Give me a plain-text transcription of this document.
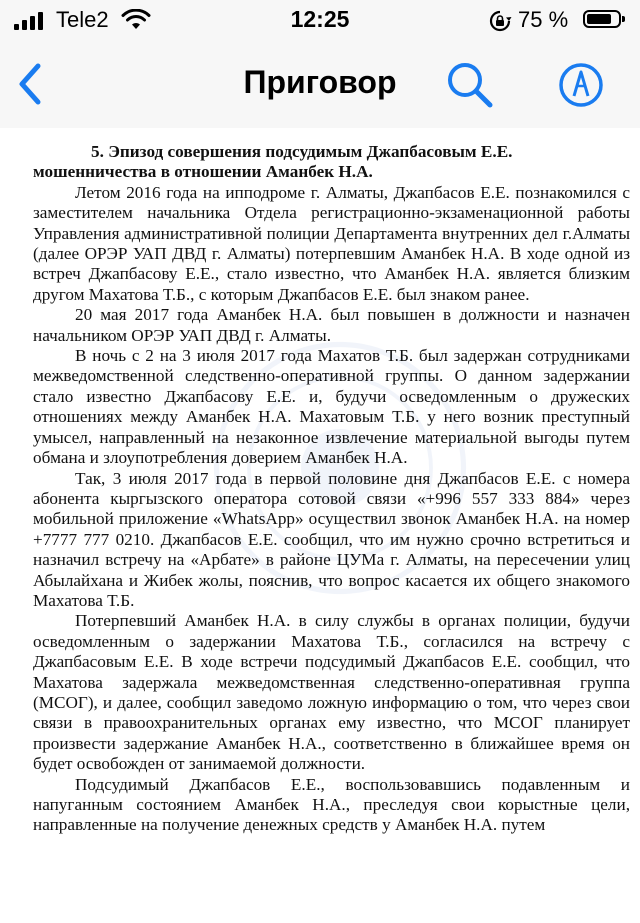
Tele2	12:25	75 %
Приговор

5. Эпизод совершения подсудимым Джапбасовым Е.Е.
мошенничества в отношении Аманбек Н.А.

Летом 2016 года на ипподроме г. Алматы, Джапбасов Е.Е. познакомился с заместителем начальника Отдела регистрационно-экзаменационной работы Управления административной полиции Департамента внутренних дел г.Алматы (далее ОРЭР УАП ДВД г. Алматы) потерпевшим Аманбек Н.А. В ходе одной из встреч Джапбасову Е.Е., стало известно, что Аманбек Н.А. является близким другом Махатова Т.Б., с которым Джапбасов Е.Е. был знаком ранее.

20 мая 2017 года Аманбек Н.А. был повышен в должности и назначен начальником ОРЭР УАП ДВД г. Алматы.

В ночь с 2 на 3 июля 2017 года Махатов Т.Б. был задержан сотрудниками межведомственной следственно-оперативной группы. О данном задержании стало известно Джапбасову Е.Е. и, будучи осведомленным о дружеских отношениях между Аманбек Н.А. Махатовым Т.Б. у него возник преступный умысел, направленный на незаконное извлечение материальной выгоды путем обмана и злоупотребления доверием Аманбек Н.А.

Так, 3 июля 2017 года в первой половине дня Джапбасов Е.Е. с номера абонента кыргызского оператора сотовой связи «+996 557 333 884» через мобильной приложение «WhatsApp» осуществил звонок Аманбек Н.А. на номер +7777 777 0210. Джапбасов Е.Е. сообщил, что им нужно срочно встретиться и назначил встречу на «Арбате» в районе ЦУМа г. Алматы, на пересечении улиц Абылайхана и Жибек жолы, пояснив, что вопрос касается их общего знакомого Махатова Т.Б.

Потерпевший Аманбек Н.А. в силу службы в органах полиции, будучи осведомленным о задержании Махатова Т.Б., согласился на встречу с Джапбасовым Е.Е. В ходе встречи подсудимый Джапбасов Е.Е. сообщил, что Махатова задержала межведомственная следственно-оперативная группа (МСОГ), и далее, сообщил заведомо ложную информацию о том, что через свои связи в правоохранительных органах ему известно, что МСОГ планирует произвести задержание Аманбек Н.А., соответственно в ближайшее время он будет освобожден от занимаемой должности.

Подсудимый Джапбасов Е.Е., воспользовавшись подавленным и напуганным состоянием Аманбек Н.А., преследуя свои корыстные цели, направленные на получение денежных средств у Аманбек Н.А. путем
